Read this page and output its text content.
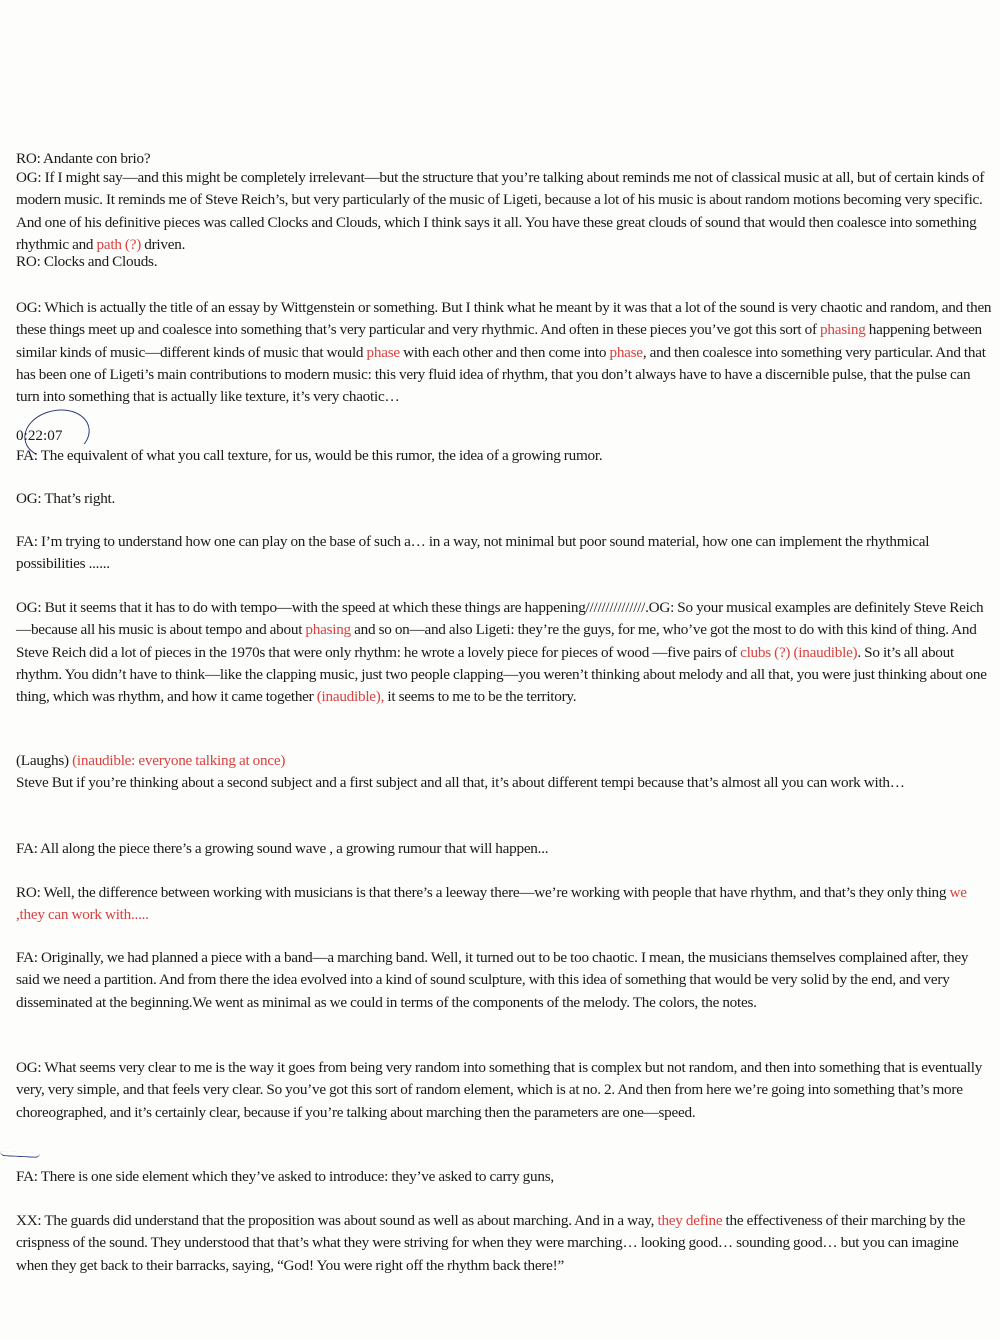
0:22:07
RO: Andante con brio?
OG: If I might say—and this might be completely irrelevant—but the structure that you’re talking about reminds me not of classical music at all, but of certain kinds of modern music. It reminds me of Steve Reich’s, but very particularly of the music of Ligeti, because a lot of his music is about random motions becoming very specific. And one of his definitive pieces was called Clocks and Clouds, which I think says it all. You have these great clouds of sound that would then coalesce into something rhythmic and path (?) driven.
RO: Clocks and Clouds.
OG: Which is actually the title of an essay by Wittgenstein or something. But I think what he meant by it was that a lot of the sound is very chaotic and random, and then these things meet up and coalesce into something that’s very particular and very rhythmic. And often in these pieces you’ve got this sort of phasing happening between similar kinds of music—different kinds of music that would phase with each other and then come into phase, and then coalesce into something very particular. And that has been one of Ligeti’s main contributions to modern music: this very fluid idea of rhythm, that you don’t always have to have a discernible pulse, that the pulse can turn into something that is actually like texture, it’s very chaotic…
FA: The equivalent of what you call texture, for us, would be this rumor, the idea of a growing rumor.
OG: That’s right.
FA: I’m trying to understand how one can play on the base of such a… in a way, not minimal but poor sound material, how one can implement the rhythmical possibilities ......
OG: But it seems that it has to do with tempo—with the speed at which these things are happening///////////////.OG: So your musical examples are definitely Steve Reich—because all his music is about tempo and about phasing and so on—and also Ligeti: they’re the guys, for me, who’ve got the most to do with this kind of thing. And Steve Reich did a lot of pieces in the 1970s that were only rhythm: he wrote a lovely piece for pieces of wood —five pairs of clubs (?) (inaudible). So it’s all about rhythm. You didn’t have to think—like the clapping music, just two people clapping—you weren’t thinking about melody and all that, you were just thinking about one thing, which was rhythm, and how it came together (inaudible), it seems to me to be the territory.
(Laughs) (inaudible: everyone talking at once)
Steve But if you’re thinking about a second subject and a first subject and all that, it’s about different tempi because that’s almost all you can work with…
FA: All along the piece there’s a growing sound wave , a growing rumour that will happen...
RO: Well, the difference between working with musicians is that there’s a leeway there—we’re working with people that have rhythm, and that’s they only thing we ,they can work with.....
FA: Originally, we had planned a piece with a band—a marching band. Well, it turned out to be too chaotic. I mean, the musicians themselves complained after, they said we need a partition. And from there the idea evolved into a kind of sound sculpture, with this idea of something that would be very solid by the end, and very disseminated at the beginning.We went as minimal as we could in terms of the components of the melody. The colors, the notes.
OG: What seems very clear to me is the way it goes from being very random into something that is complex but not random, and then into something that is eventually very, very simple, and that feels very clear. So you’ve got this sort of random element, which is at no. 2. And then from here we’re going into something that’s more choreographed, and it’s certainly clear, because if you’re talking about marching then the parameters are one—speed.
FA: There is one side element which they’ve asked to introduce: they’ve asked to carry guns,
XX: The guards did understand that the proposition was about sound as well as about marching. And in a way, they define the effectiveness of their marching by the crispness of the sound. They understood that that’s what they were striving for when they were marching… looking good… sounding good… but you can imagine when they get back to their barracks, saying, “God! You were right off the rhythm back there!”
